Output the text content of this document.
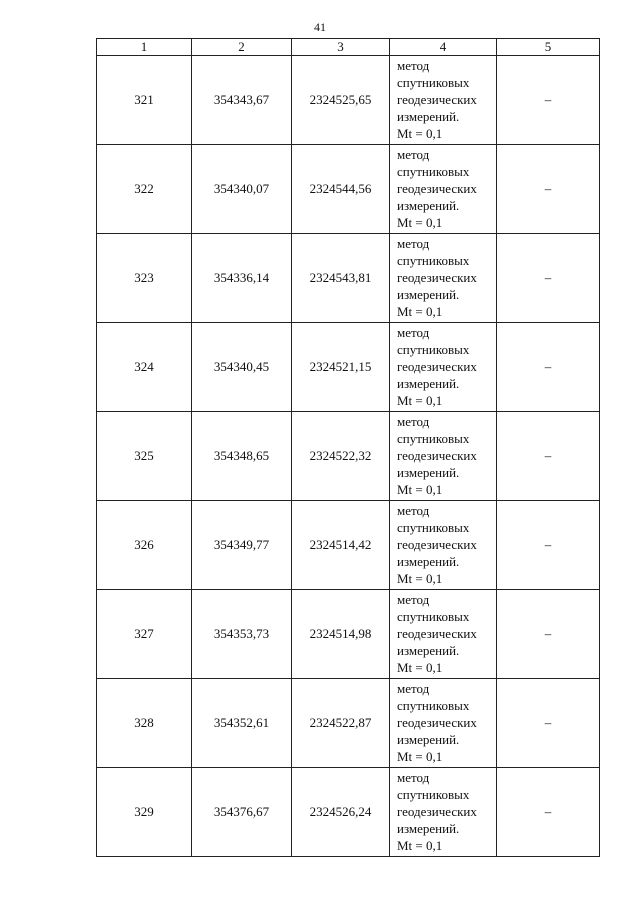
41
1	2	3	4	5
321	354343,67	2324525,65	метод
спутниковых
геодезических
измерений.
Mt = 0,1	–
322	354340,07	2324544,56	метод
спутниковых
геодезических
измерений.
Mt = 0,1	–
323	354336,14	2324543,81	метод
спутниковых
геодезических
измерений.
Mt = 0,1	–
324	354340,45	2324521,15	метод
спутниковых
геодезических
измерений.
Mt = 0,1	–
325	354348,65	2324522,32	метод
спутниковых
геодезических
измерений.
Mt = 0,1	–
326	354349,77	2324514,42	метод
спутниковых
геодезических
измерений.
Mt = 0,1	–
327	354353,73	2324514,98	метод
спутниковых
геодезических
измерений.
Mt = 0,1	–
328	354352,61	2324522,87	метод
спутниковых
геодезических
измерений.
Mt = 0,1	–
329	354376,67	2324526,24	метод
спутниковых
геодезических
измерений.
Mt = 0,1	–
